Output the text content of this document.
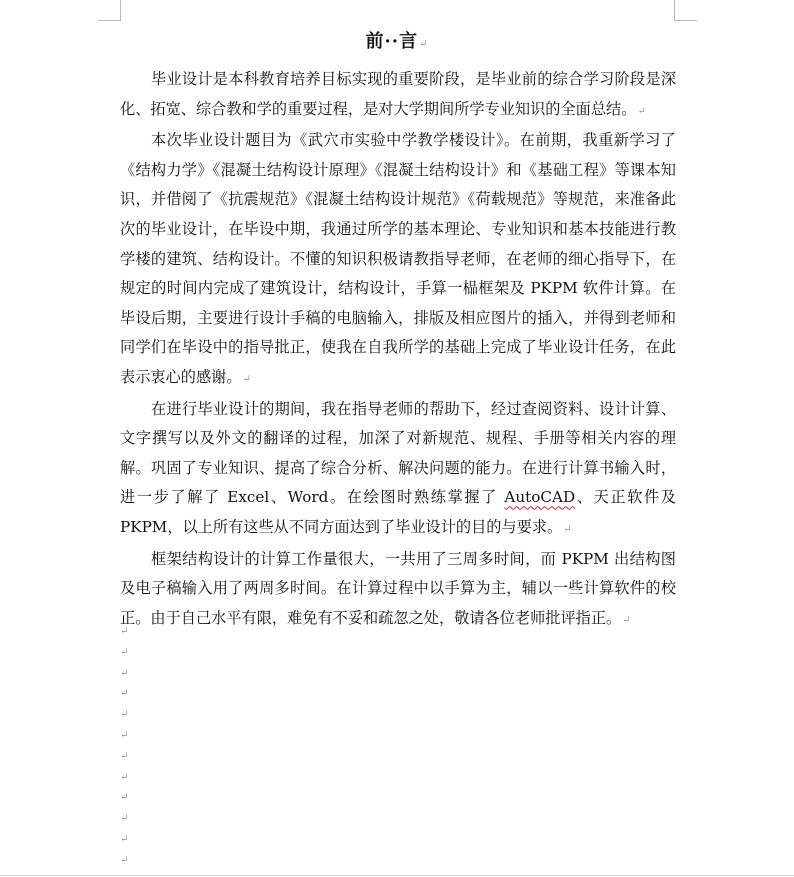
前··言↵

毕业设计是本科教育培养目标实现的重要阶段，是毕业前的综合学习阶段是深化、拓宽、综合教和学的重要过程，是对大学期间所学专业知识的全面总结。↵

本次毕业设计题目为《武穴市实验中学教学楼设计》。在前期，我重新学习了《结构力学》《混凝土结构设计原理》《混凝土结构设计》和《基础工程》等课本知识，并借阅了《抗震规范》《混凝土结构设计规范》《荷载规范》等规范，来准备此次的毕业设计，在毕设中期，我通过所学的基本理论、专业知识和基本技能进行教学楼的建筑、结构设计。不懂的知识积极请教指导老师，在老师的细心指导下，在规定的时间内完成了建筑设计，结构设计，手算一榀框架及 PKPM 软件计算。在毕设后期，主要进行设计手稿的电脑输入，排版及相应图片的插入，并得到老师和同学们在毕设中的指导批正，使我在自我所学的基础上完成了毕业设计任务，在此表示衷心的感谢。↵

在进行毕业设计的期间，我在指导老师的帮助下，经过查阅资料、设计计算、文字撰写以及外文的翻译的过程，加深了对新规范、规程、手册等相关内容的理解。巩固了专业知识、提高了综合分析、解决问题的能力。在进行计算书输入时，进一步了解了 Excel、Word。在绘图时熟练掌握了 AutoCAD、天正软件及 PKPM，以上所有这些从不同方面达到了毕业设计的目的与要求。↵

框架结构设计的计算工作量很大，一共用了三周多时间，而 PKPM 出结构图及电子稿输入用了两周多时间。在计算过程中以手算为主，辅以一些计算软件的校正。由于自己水平有限，难免有不妥和疏忽之处，敬请各位老师批评指正。↵

↵
↵
↵
↵
↵
↵
↵
↵
↵
↵
↵
↵
